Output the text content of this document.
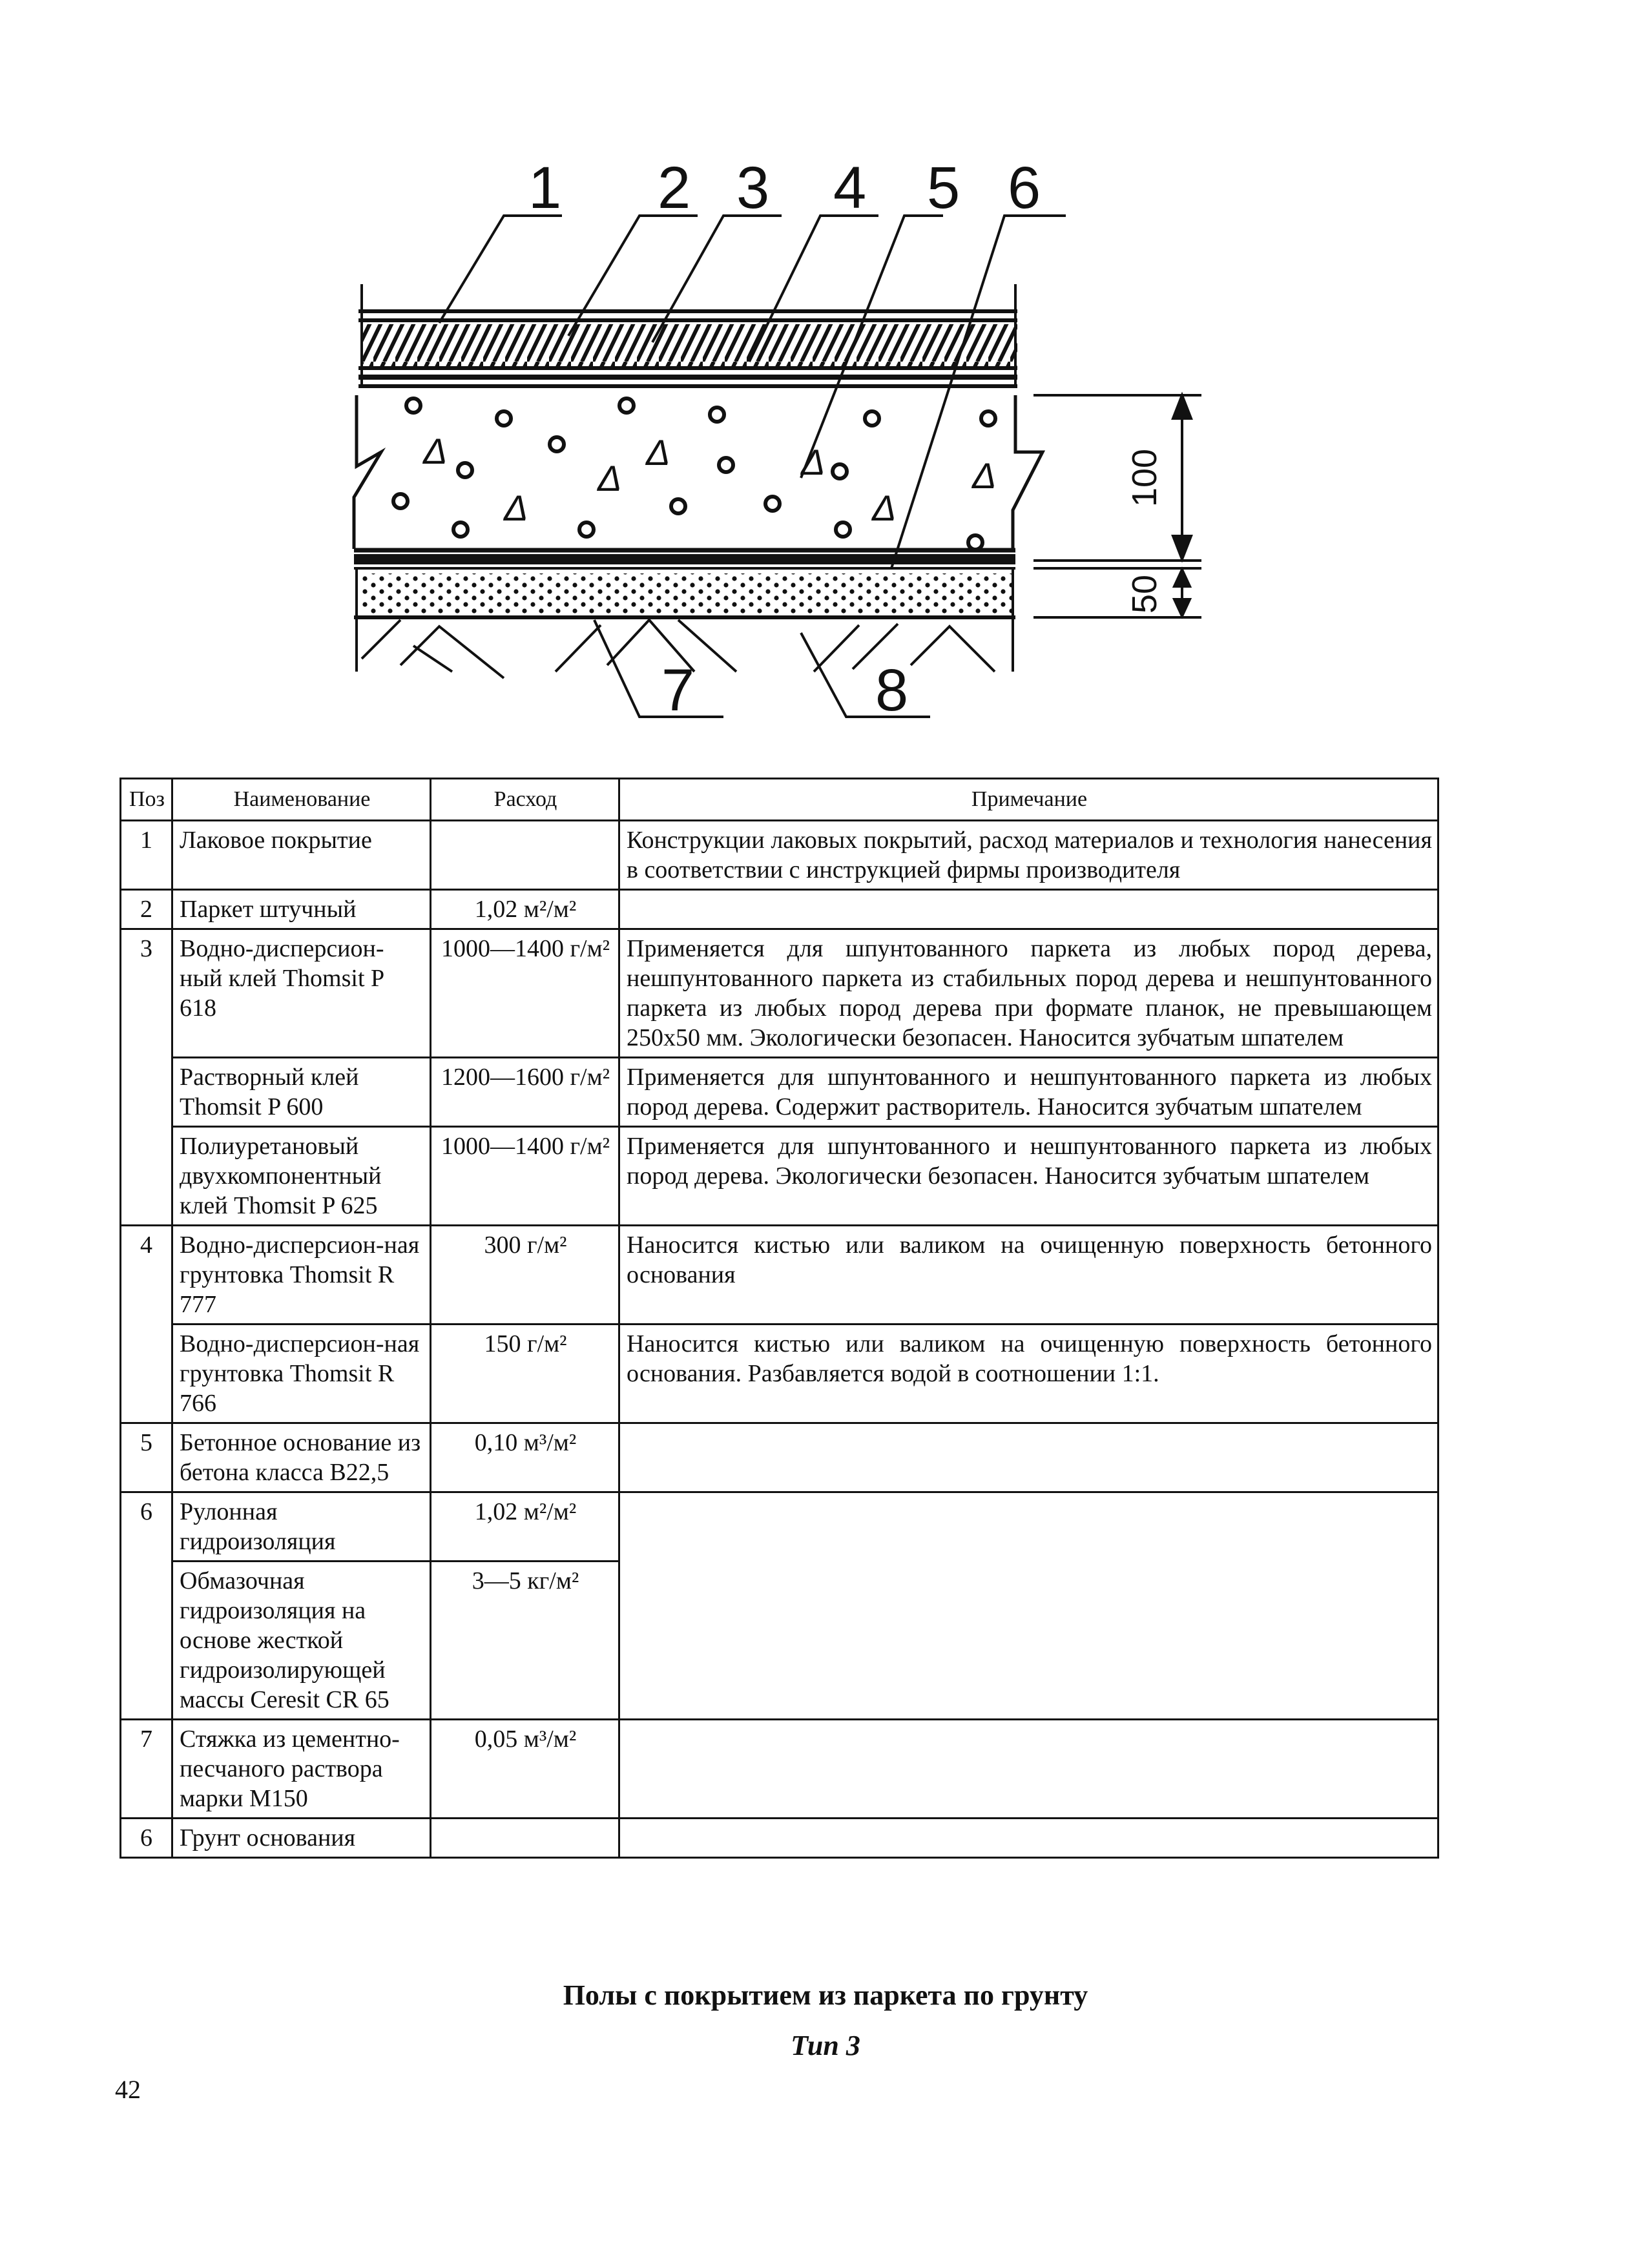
Δ
Δ
Δ	Δ
Δ	Δ
Δ	100
50
1 2 3 4 5 6
7	8
Поз	Наименование	Расход	Примечание
1	Лаковое покрытие		Конструкции лаковых покрытий, расход материалов и технология нанесения в соответствии с инструкцией фирмы производителя
2	Паркет штучный	1,02 м²/м²	
3	Водно-дисперсион-ный клей Thomsit P 618	1000—1400 г/м²	Применяется для шпунтованного паркета из любых пород дерева, нешпунтованного паркета из стабильных пород дерева и нешпунтованного паркета из любых пород дерева при формате планок, не превышающем 250x50 мм. Экологически безопасен. Наносится зубчатым шпателем
	Растворный клей Thomsit P 600	1200—1600 г/м²	Применяется для шпунтованного и нешпунтованного паркета из любых пород дерева. Содержит растворитель. Наносится зубчатым шпателем
	Полиуретановый двухкомпонентный клей Thomsit P 625	1000—1400 г/м²	Применяется для шпунтованного и нешпунтованного паркета из любых пород дерева. Экологически безопасен. Наносится зубчатым шпателем
4	Водно-дисперсион-ная грунтовка Thomsit R 777	300 г/м²	Наносится кистью или валиком на очищенную поверхность бетонного основания
	Водно-дисперсион-ная грунтовка Thomsit R 766	150 г/м²	Наносится кистью или валиком на очищенную поверхность бетонного основания. Разбавляется водой в соотношении 1:1.
5	Бетонное основание из бетона класса B22,5	0,10 м³/м²	
6	Рулонная гидроизоляция	1,02 м²/м²	
	Обмазочная гидроизоляция на основе жесткой гидроизолирующей массы Ceresit CR 65	3—5 кг/м²	
7	Стяжка из цементно-песчаного раствора марки M150	0,05 м³/м²	
6	Грунт основания		
Полы с покрытием из паркета по грунту
Тип 3
42
